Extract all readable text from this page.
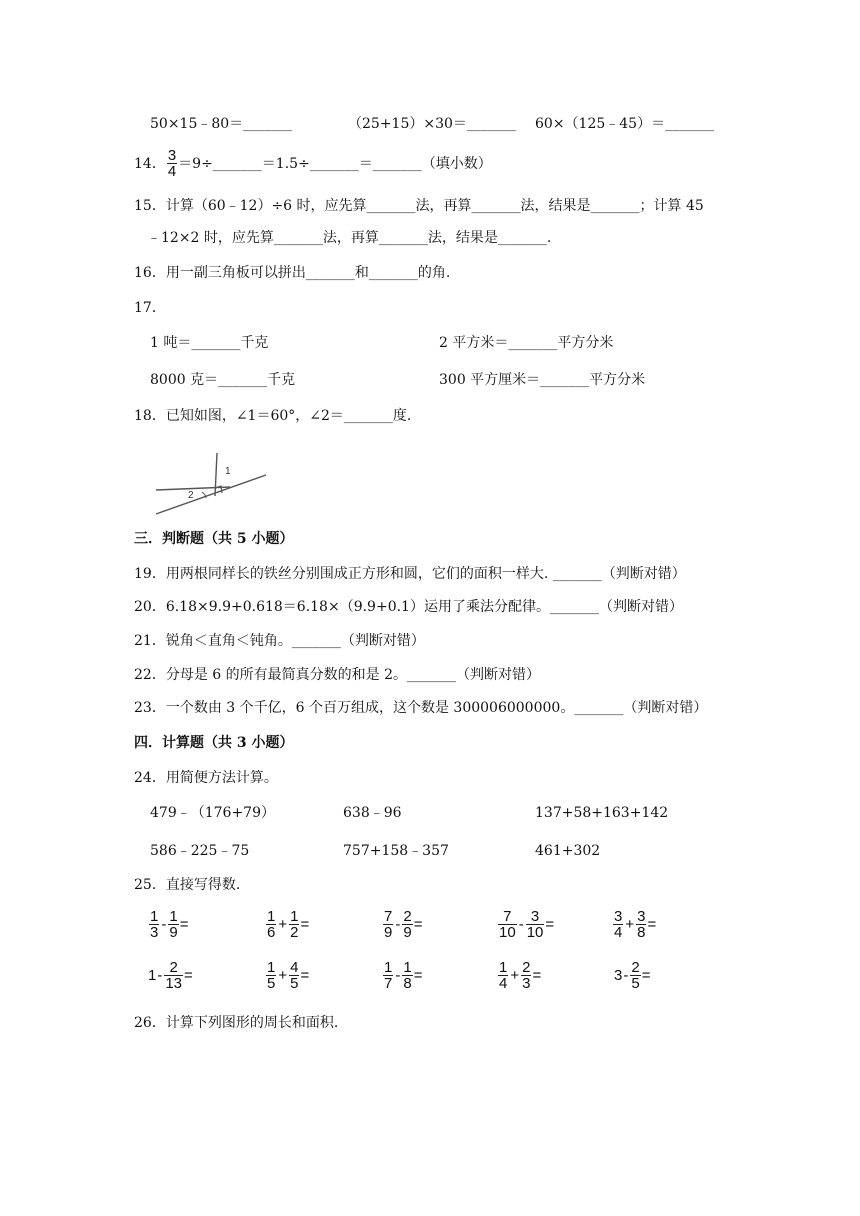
50×15﹣80＝_______	（25+15）×30＝_______ 60×（125﹣45）＝_______
14． $\frac{3}{4}$ ＝9÷_______＝1.5÷_______＝_______（填小数）
15．计算（60﹣12）÷6 时，应先算_______法，再算_______法，结果是_______；计算 45
﹣12×2 时，应先算_______法，再算_______法，结果是_______.
16．用一副三角板可以拼出_______和_______的角.
17．
1 吨＝_______千克	2 平方米＝_______平方分米
8000 克＝_______千克	300 平方厘米＝_______平方分米
18．已知如图，∠1＝60°，∠2＝_______度.
1
2
三．判断题（共 5 小题）
19．用两根同样长的铁丝分别围成正方形和圆，它们的面积一样大. _______（判断对错）
20．6.18×9.9+0.618＝6.18×（9.9+0.1）运用了乘法分配律。_______（判断对错）
21．锐角＜直角＜钝角。_______（判断对错）
22．分母是 6 的所有最简真分数的和是 2。_______（判断对错）
23．一个数由 3 个千亿，6 个百万组成，这个数是 300006000000。_______（判断对错）
四．计算题（共 3 小题）
24．用简便方法计算。
479﹣（176+79）	638﹣96	137+58+163+142
586﹣225﹣75	757+158﹣357	461+302
25．直接写得数.
$\frac{1}{3} - \frac{1}{9}$ =	$\frac{1}{6} + \frac{1}{2}$ =	$\frac{7}{9} - \frac{2}{9}$ =	$\frac{7}{10} - \frac{3}{10}$ =	$\frac{3}{4} + \frac{3}{8}$ =
$1 - \frac{2}{13}$ =	$\frac{1}{5} + \frac{4}{5}$ =	$\frac{1}{7} - \frac{1}{8}$ =	$\frac{1}{4} + \frac{2}{3}$ =	$3 - \frac{2}{5}$ =
26．计算下列图形的周长和面积.
